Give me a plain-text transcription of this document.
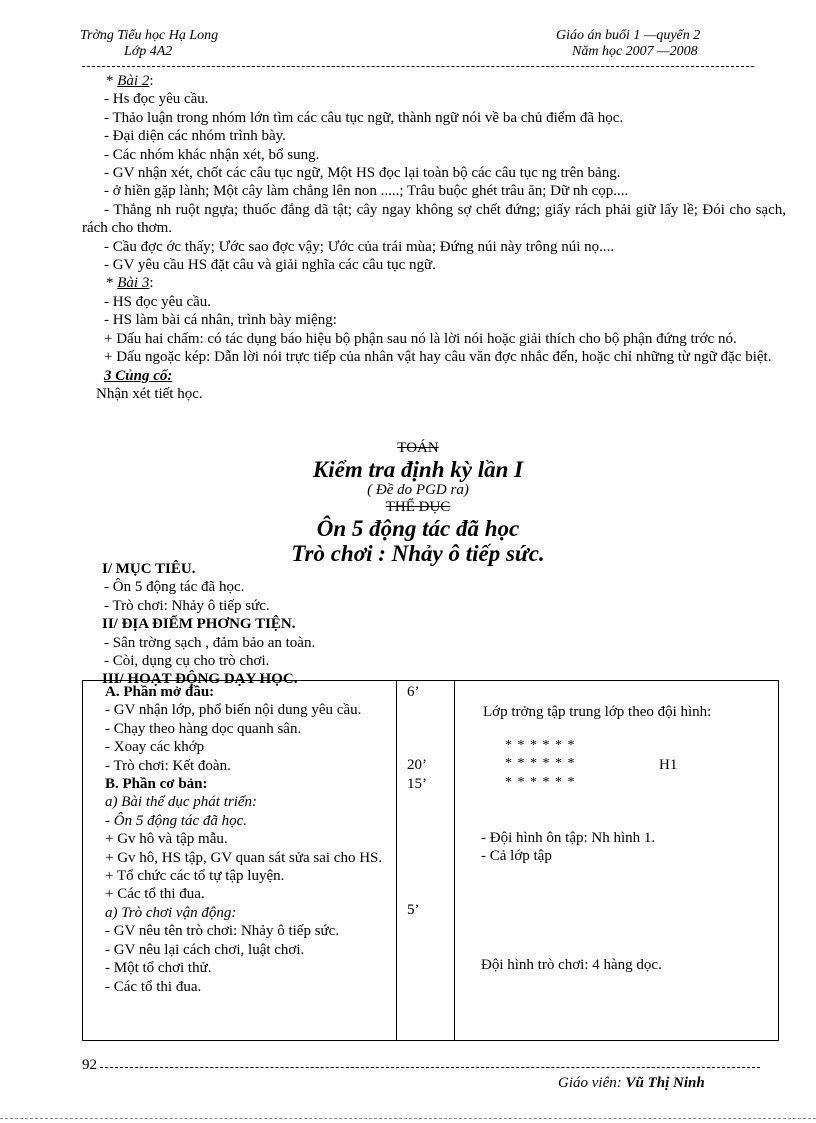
Trờng Tiểu học Hạ Long
Lớp 4A2
Giáo án buổi 1 —quyển 2
Năm học 2007 —2008

* Bài 2:

- Hs đọc yêu cầu.

- Thảo luận trong nhóm lớn tìm các câu tục ngữ, thành ngữ nói về ba chủ điểm đã học.

- Đại diện các nhóm trình bày.

- Các nhóm khác nhận xét, bổ sung.

- GV nhận xét, chốt các câu tục ngữ, Một HS đọc lại toàn bộ các câu tục ng trên bảng.

- ở hiền gặp lành; Một cây làm chẳng lên non .....; Trâu buộc ghét trâu ăn; Dữ nh cọp....

- Thẳng nh ruột ngựa; thuốc đắng dã tật; cây ngay không sợ chết đứng; giấy rách phải giữ lấy lề; Đói cho sạch, rách cho thơm.

- Cầu đợc ớc thấy; Ước sao đợc vậy; Ước của trái mùa; Đứng núi này trông núi nọ....

- GV yêu cầu HS đặt câu và giải nghĩa các câu tục ngữ.

* Bài 3:

- HS đọc yêu cầu.

- HS làm bài cá nhân, trình bày miệng:

+ Dấu hai chấm: có tác dụng báo hiệu bộ phận sau nó là lời nói hoặc giải thích cho bộ phận đứng trớc nó.

+ Dấu ngoặc kép: Dẫn lời nói trực tiếp của nhân vật hay câu văn đợc nhắc đến, hoặc chỉ những từ ngữ đặc biệt.

3 Củng cố:

Nhận xét tiết học.

TOÁN
Kiểm tra định kỳ lần I
( Đề do PGD ra)
THỂ DỤC
Ôn 5 động tác đã học
Trò chơi : Nhảy ô tiếp sức.

I/ MỤC TIÊU.

- Ôn 5 động tác đã học.

- Trò chơi: Nhảy ô tiếp sức.

II/ ĐỊA ĐIỂM PHƠNG TIỆN.

- Sân trờng sạch , đảm bảo an toàn.

- Còi, dụng cụ cho trò chơi.

III/ HOẠT ĐỘNG DẠY HỌC.

A. Phần mở đầu:

- GV nhận lớp, phổ biến nội dung yêu cầu.

- Chạy theo hàng dọc quanh sân.

- Xoay các khớp

- Trò chơi: Kết đoàn.

B. Phần cơ bản:

a) Bài thể dục phát triển:

- Ôn 5 động tác đã học.

+ Gv hô và tập mẫu.

+ Gv hô, HS tập, GV quan sát sửa sai cho HS.

+ Tổ chức các tổ tự tập luyện.

+ Các tổ thi đua.

a) Trò chơi vận động:

- GV nêu tên trò chơi: Nhảy ô tiếp sức.

- GV nêu lại cách chơi, luật chơi.

- Một tổ chơi thử.

- Các tổ thi đua.

6’
20’
15’
5’
Lớp trởng tập trung lớp theo đội hình:
* * * * * *
* * * * * *	H1
* * * * * *
- Đội hình ôn tập: Nh hình 1.
- Cả lớp tập
Đội hình trò chơi: 4 hàng dọc.
92
Giáo viên: Vũ Thị Ninh
